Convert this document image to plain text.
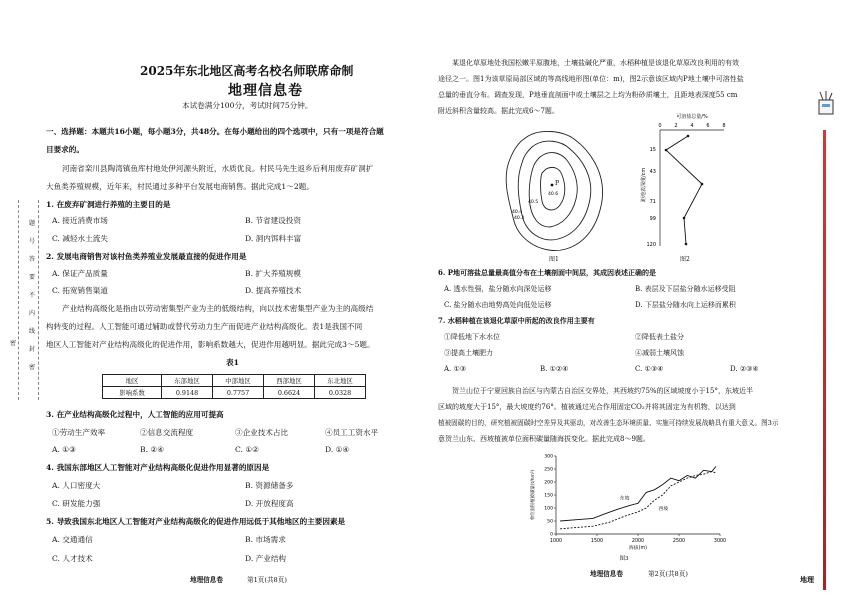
题
号
答
要
不
内
线
封
密
密
2025年东北地区高考名校名师联席命制
地理信息卷
本试卷满分100分，考试时间75分钟。
一、选择题：本题共16小题，每小题3分，共48分。在每小题给出的四个选项中，只有一项是符合题
目要求的。
河南省栾川县陶湾镇鱼库村地处伊河源头附近，水质优良。村民马先生返乡后利用废弃矿洞扩
大鱼类养殖规模，近年来，村民通过多种平台发展电商销售。据此完成1～2题。
1. 在废弃矿洞进行养殖的主要目的是
A. 接近消费市场	B. 节省建设投资
C. 减轻水土流失	D. 洞内饵料丰富
2. 发展电商销售对该村鱼类养殖业发展最直接的促进作用是
A. 保证产品质量	B. 扩大养殖规模
C. 拓宽销售渠道	D. 提高养殖技术
产业结构高级化是指由以劳动密集型产业为主的低级结构，向以技术密集型产业为主的高级结
构转变的过程。人工智能可通过辅助或替代劳动力生产而促进产业结构高级化。表1是我国不同
地区人工智能对产业结构高级化的促进作用，影响系数越大，促进作用越明显。据此完成3～5题。
表1
地区	东部地区	中部地区	西部地区	东北地区
影响系数	0.9148	0.7757	0.6624	0.0328
3. 在产业结构高级化过程中，人工智能的应用可提高
①劳动生产效率	②信息交流程度	③企业技术占比	④员工工资水平
A. ①③	B. ②④	C. ①②	D. ①④
4. 我国东部地区人工智能对产业结构高级化促进作用显著的原因是
A. 人口密度大	B. 资源储备多
C. 研发能力强	D. 开放程度高
5. 导致我国东北地区人工智能对产业结构高级化的促进作用远低于其他地区的主要因素是
A. 交通通信	B. 市场需求
C. 人才技术	D. 产业结构
地理信息卷	第1页(共8页)
某退化草原地处我国松嫩平原腹地，土壤盐碱化严重，水稻种植是该退化草原改良利用的有效
途径之一。图1为该草原局部区域的等高线地形图(单位：m)，图2示意该区域内P地土壤中可溶性盐
总量的垂直分布。调查发现，P地垂直剖面中或土壤层之上均为粉砂质壤土，且距地表深度55 cm
附近斜积含量较高。据此完成6～7题。
P
40.6
40.5
40.4
40.3
图1
可溶盐总量/%
0	2	4	6	8
15
43
71
99
120
距地表深度/cm
图2
6. P地可溶盐总量最高值分布在土壤剖面中间层，其成因表述正确的是
A. 透水性强，盐分随水向深处运移	B. 表层及下层盐分随水运移受阻
C. 盐分随水由地势高处向低处运移	D. 下层盐分随水向上运移而累积
7. 水稻种植在该退化草原中所起的改良作用主要有
①降低地下水水位	②降低表土盐分
③提高土壤肥力	④减弱土壤风蚀
A. ①③	B. ①②④	C. ①③④	D. ②③④
贺兰山位于宁夏回族自治区与内蒙古自治区交界处，其西坡约75%的区域坡度小于15°，东坡近半
区域的坡度大于15°，最大坡度约76°。植被通过光合作用固定CO₂并将其固定为有机物，以达到
植被固碳的目的，研究植被固碳时空差异及其驱动，对改善生态环境质量、实施可持续发展战略具有重大意义。图3示
意贺兰山东、西坡植被单位面积碳量随海拔变化。据此完成8～9题。
0
50
100
150
200
250
300
1000	1500	2000	2500	3000
海拔(m)
单位面积植被碳量(t/hm²)
图3
东坡
西坡
地理信息卷	第2页(共8页)
地理
